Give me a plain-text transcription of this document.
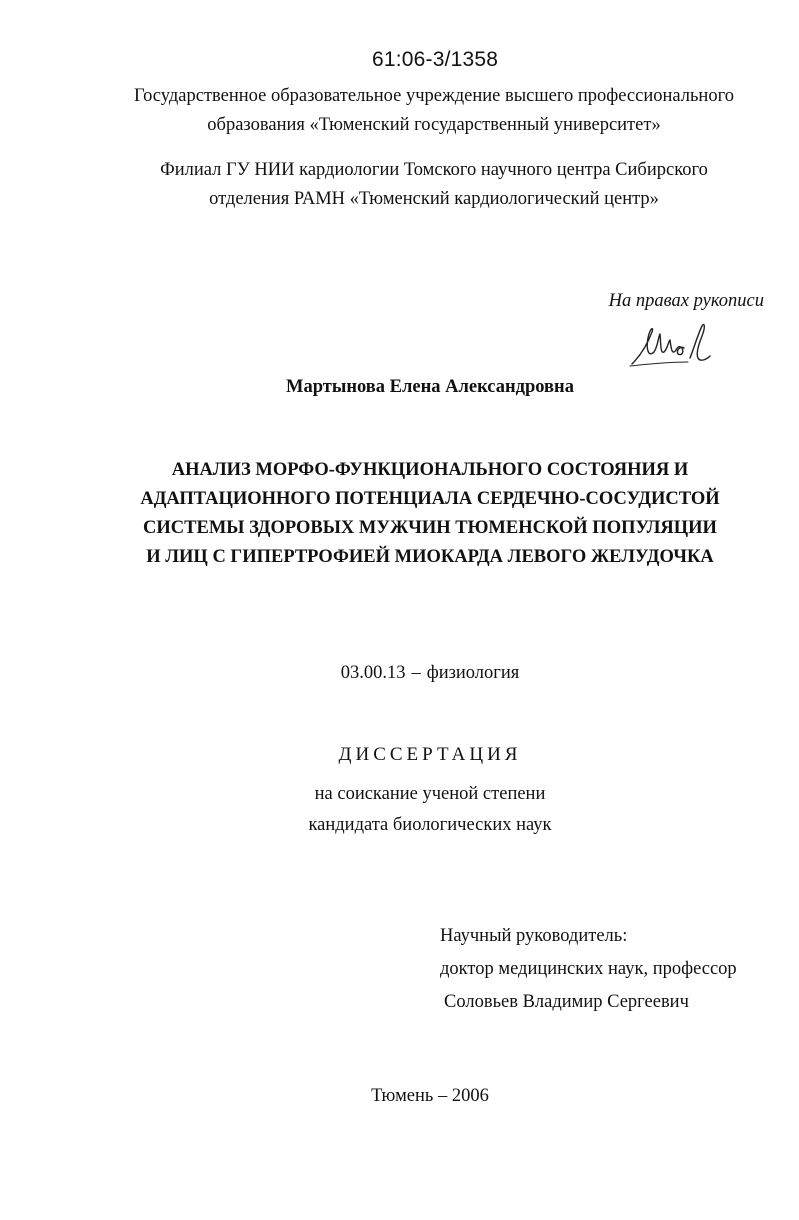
61:06-3/1358
Государственное образовательное учреждение высшего профессионального
образования «Тюменский государственный университет»
Филиал ГУ НИИ кардиологии Томского научного центра Сибирского
отделения РАМН «Тюменский кардиологический центр»
На правах рукописи
Мартынова Елена Александровна
АНАЛИЗ МОРФО-ФУНКЦИОНАЛЬНОГО СОСТОЯНИЯ И
АДАПТАЦИОННОГО ПОТЕНЦИАЛА СЕРДЕЧНО-СОСУДИСТОЙ
СИСТЕМЫ ЗДОРОВЫХ МУЖЧИН ТЮМЕНСКОЙ ПОПУЛЯЦИИ
И ЛИЦ С ГИПЕРТРОФИЕЙ МИОКАРДА ЛЕВОГО ЖЕЛУДОЧКА
03.00.13 – физиология
ДИССЕРТАЦИЯ
на соискание ученой степени
кандидата биологических наук
Научный руководитель:
доктор медицинских наук, профессор
Соловьев Владимир Сергеевич
Тюмень – 2006
